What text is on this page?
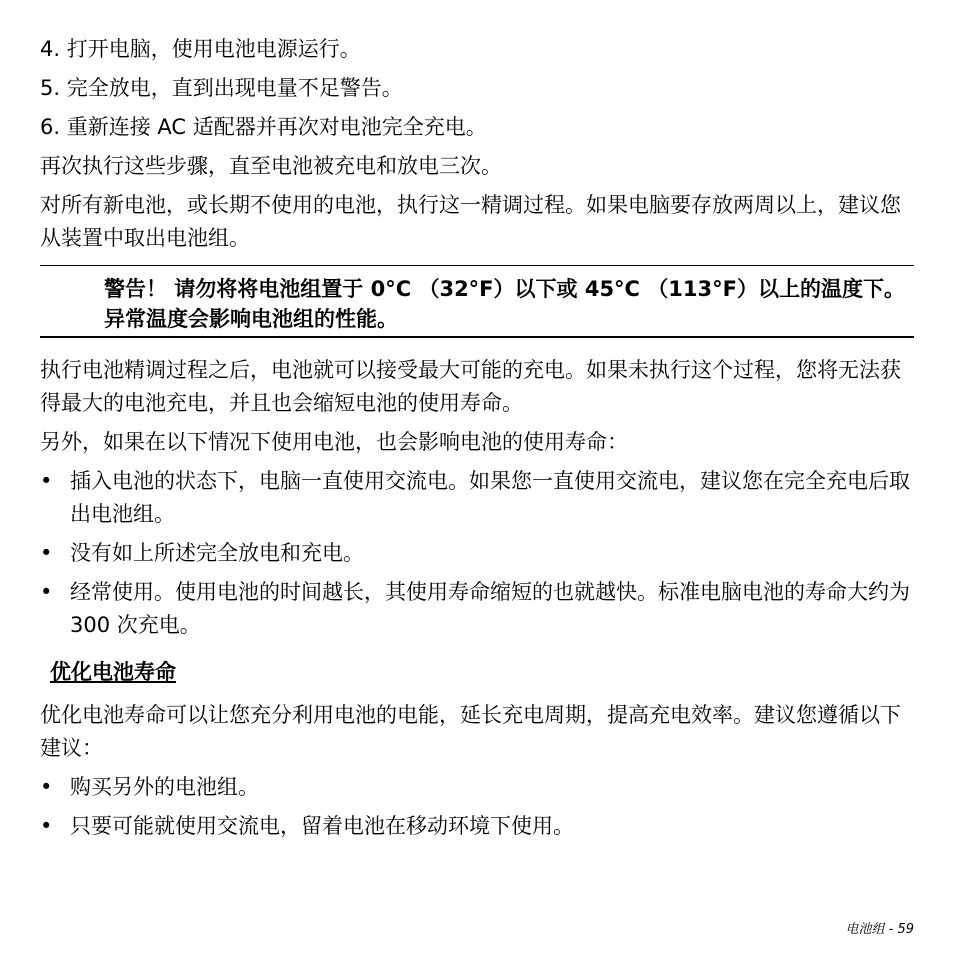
4. 打开电脑，使用电池电源运行。

5. 完全放电，直到出现电量不足警告。

6. 重新连接 AC 适配器并再次对电池完全充电。

再次执行这些步骤，直至电池被充电和放电三次。

对所有新电池，或长期不使用的电池，执行这一精调过程。如果电脑要存放两周以上，建议您从装置中取出电池组。

警告！ 请勿将将电池组置于 0°C （32°F）以下或 45°C （113°F）以上的温度下。异常温度会影响电池组的性能。

执行电池精调过程之后，电池就可以接受最大可能的充电。如果未执行这个过程，您将无法获得最大的电池充电，并且也会缩短电池的使用寿命。

另外，如果在以下情况下使用电池，也会影响电池的使用寿命：

• 插入电池的状态下，电脑一直使用交流电。如果您一直使用交流电，建议您在完全充电后取出电池组。
• 没有如上所述完全放电和充电。
• 经常使用。使用电池的时间越长，其使用寿命缩短的也就越快。标准电脑电池的寿命大约为 300 次充电。
优化电池寿命

优化电池寿命可以让您充分利用电池的电能，延长充电周期，提高充电效率。建议您遵循以下建议：

• 购买另外的电池组。
• 只要可能就使用交流电，留着电池在移动环境下使用。
电池组 - 59
